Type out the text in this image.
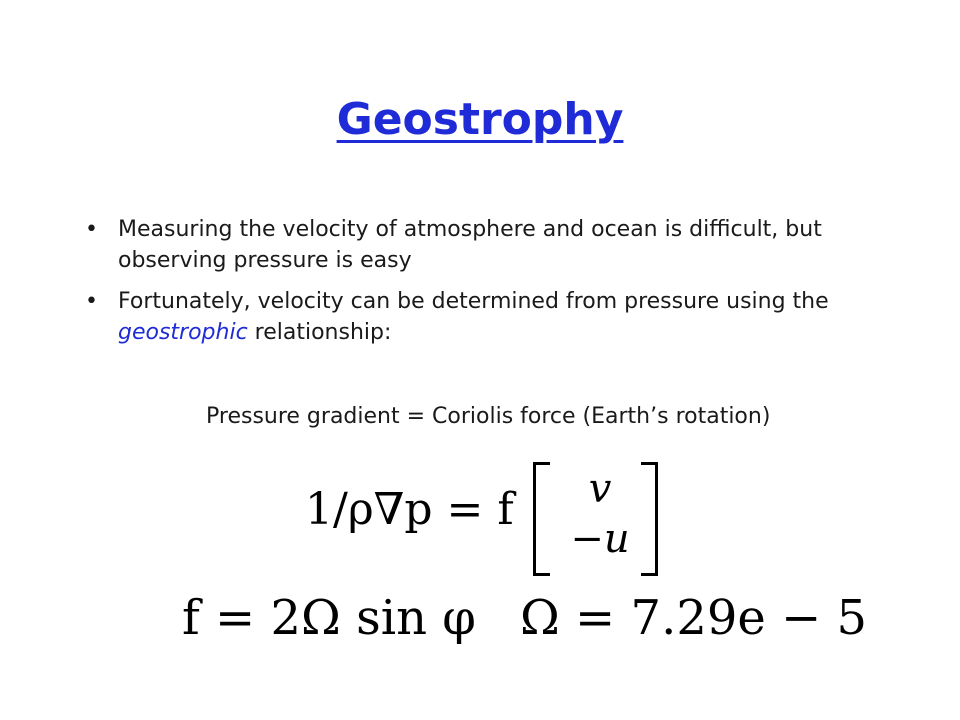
Geostrophy
• Measuring the velocity of atmosphere and ocean is difficult, but observing pressure is easy
• Fortunately, velocity can be determined from pressure using the geostrophic relationship:
Pressure gradient = Coriolis force (Earth’s rotation)
1/ρ∇p = f	v
−u
f = 2Ω sin φ Ω = 7.29e − 5
